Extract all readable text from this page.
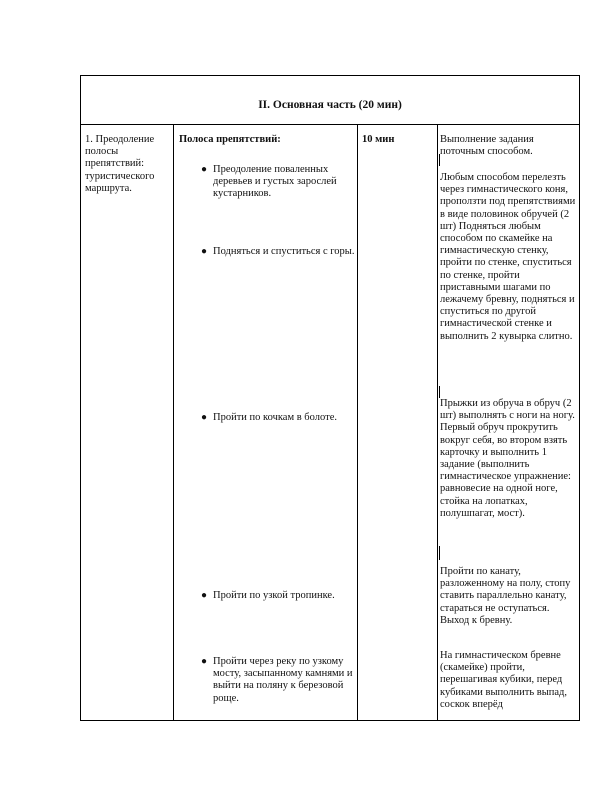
II. Основная часть (20 мин)
1. Преодоление полосы препятствий: туристического маршрута.
Полоса препятствий:	10 мин
● Преодоление поваленных деревьев и густых зарослей кустарников.
● Подняться и спуститься с горы.
● Пройти по кочкам в болоте.
● Пройти по узкой тропинке.
● Пройти через реку по узкому мосту, засыпанному камнями и выйти на поляну к березовой роще.
Выполнение задания поточным способом.
Любым способом перелезть через гимнастического коня, проползти под препятствиями в виде половинок обручей (2 шт) Подняться любым способом по скамейке на гимнастическую стенку, пройти по стенке, спуститься по стенке, пройти приставными шагами по лежачему бревну, подняться и спуститься по другой гимнастической стенке и выполнить 2 кувырка слитно.
Прыжки из обруча в обруч (2 шт) выполнять с ноги на ногу. Первый обруч прокрутить вокруг себя, во втором взять карточку и выполнить 1 задание (выполнить гимнастическое упражнение: равновесие на одной ноге, стойка на лопатках, полушпагат, мост).
Пройти по канату, разложенному на полу, стопу ставить параллельно канату, стараться не оступаться. Выход к бревну.
На гимнастическом бревне (скамейке) пройти, перешагивая кубики, перед кубиками выполнить выпад, соскок вперёд
